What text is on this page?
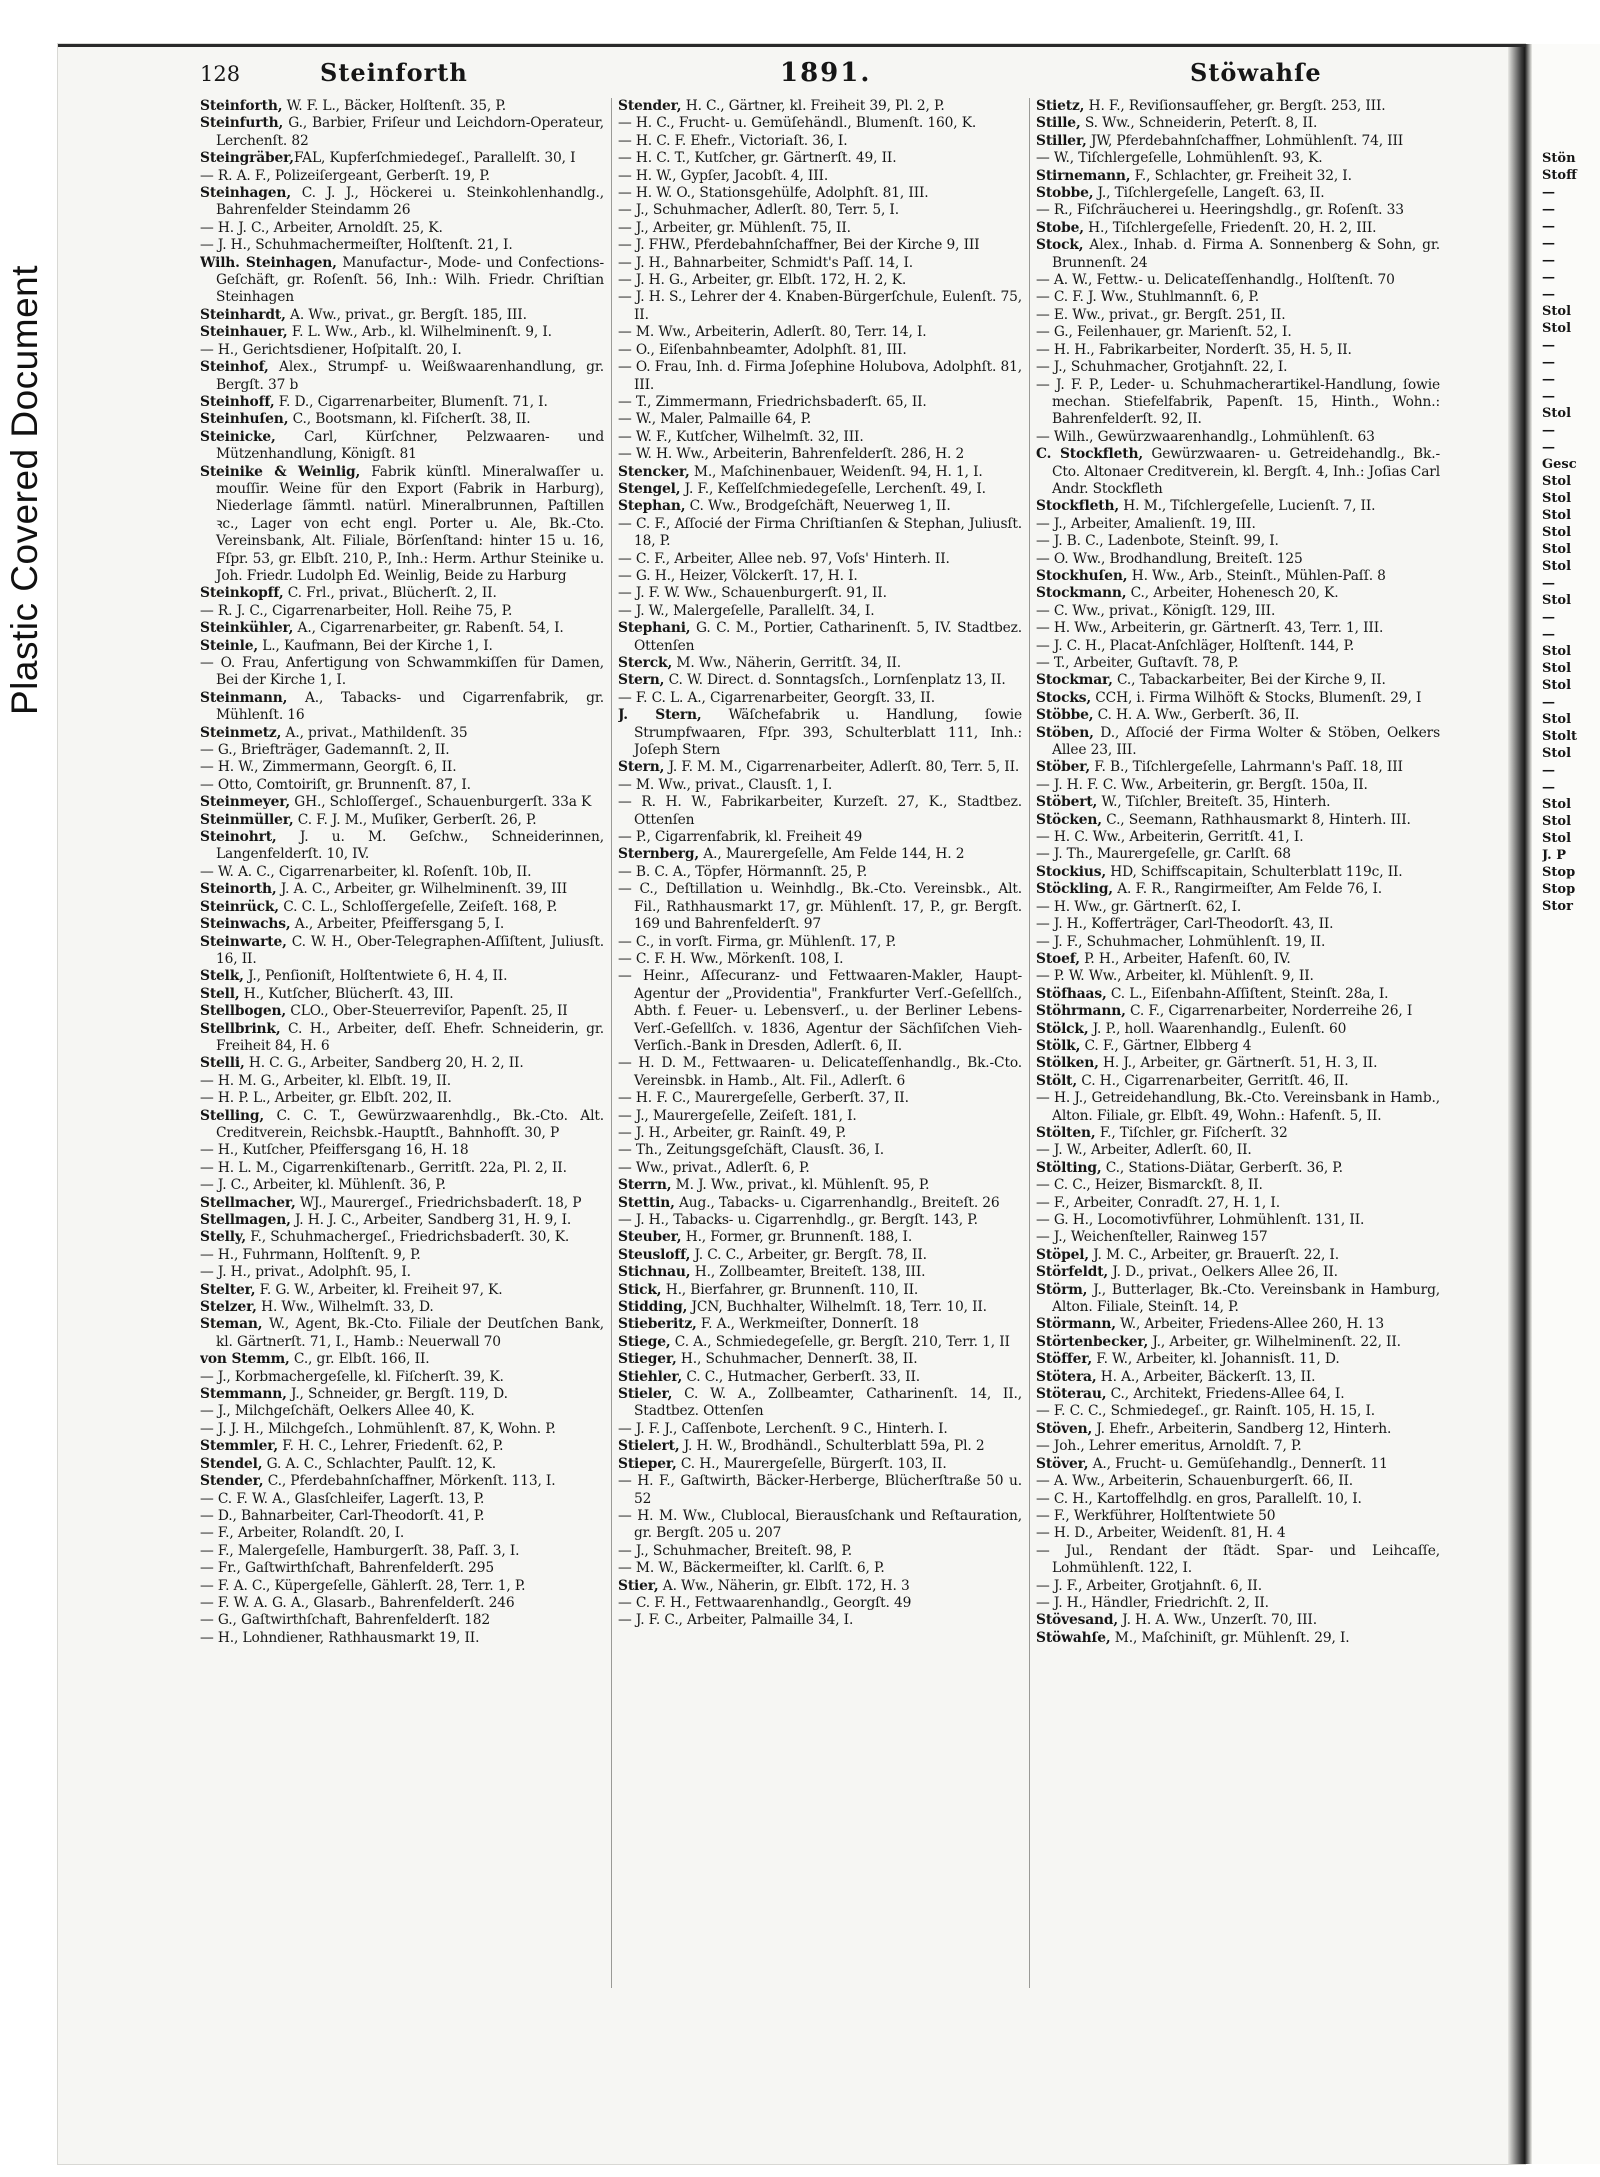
Plastic Covered Document
128	Steinforth	1891.	Stöwahſe
Steinforth, W. F. L., Bäcker, Holſtenſt. 35, P.
Steinfurth, G., Barbier, Friſeur und Leichdorn-Operateur, Lerchenſt. 82
Steingräber,FAL, Kupferſchmiedegeſ., Parallelſt. 30, I
— R. A. F., Polizeiſergeant, Gerberſt. 19, P.
Steinhagen, C. J. J., Höckerei u. Steinkohlenhandlg., Bahrenfelder Steindamm 26
— H. J. C., Arbeiter, Arnoldſt. 25, K.
— J. H., Schuhmachermeiſter, Holſtenſt. 21, I.
Wilh. Steinhagen, Manufactur-, Mode- und Confections-Geſchäft, gr. Roſenſt. 56, Inh.: Wilh. Friedr. Chriſtian Steinhagen
Steinhardt, A. Ww., privat., gr. Bergſt. 185, III.
Steinhauer, F. L. Ww., Arb., kl. Wilhelminenſt. 9, I.
— H., Gerichtsdiener, Hoſpitalſt. 20, I.
Steinhof, Alex., Strumpf- u. Weißwaarenhandlung, gr. Bergſt. 37 b
Steinhoff, F. D., Cigarrenarbeiter, Blumenſt. 71, I.
Steinhuſen, C., Bootsmann, kl. Fiſcherſt. 38, II.
Steinicke, Carl, Kürſchner, Pelzwaaren- und Mützenhandlung, Königſt. 81
Steinike & Weinlig, Fabrik künſtl. Mineralwaſſer u. mouſſir. Weine für den Export (Fabrik in Harburg), Niederlage ſämmtl. natürl. Mineralbrunnen, Paſtillen ꝛc., Lager von echt engl. Porter u. Ale, Bk.-Cto. Vereinsbank, Alt. Filiale, Börſenſtand: hinter 15 u. 16, Fſpr. 53, gr. Elbſt. 210, P., Inh.: Herm. Arthur Steinike u. Joh. Friedr. Ludolph Ed. Weinlig, Beide zu Harburg
Steinkopff, C. Frl., privat., Blücherſt. 2, II.
— R. J. C., Cigarrenarbeiter, Holl. Reihe 75, P.
Steinkühler, A., Cigarrenarbeiter, gr. Rabenſt. 54, I.
Steinle, L., Kaufmann, Bei der Kirche 1, I.
— O. Frau, Anfertigung von Schwammkiſſen für Damen, Bei der Kirche 1, I.
Steinmann, A., Tabacks- und Cigarrenfabrik, gr. Mühlenſt. 16
Steinmetz, A., privat., Mathildenſt. 35
— G., Briefträger, Gademannſt. 2, II.
— H. W., Zimmermann, Georgſt. 6, II.
— Otto, Comtoiriſt, gr. Brunnenſt. 87, I.
Steinmeyer, GH., Schloſſergeſ., Schauenburgerſt. 33a K
Steinmüller, C. F. J. M., Muſiker, Gerberſt. 26, P.
Steinohrt, J. u. M. Geſchw., Schneiderinnen, Langenfelderſt. 10, IV.
— W. A. C., Cigarrenarbeiter, kl. Roſenſt. 10b, II.
Steinorth, J. A. C., Arbeiter, gr. Wilhelminenſt. 39, III
Steinrück, C. C. L., Schloſſergeſelle, Zeiſeſt. 168, P.
Steinwachs, A., Arbeiter, Pfeiffersgang 5, I.
Steinwarte, C. W. H., Ober-Telegraphen-Aſſiſtent, Juliusſt. 16, II.
Stelk, J., Penſioniſt, Holſtentwiete 6, H. 4, II.
Stell, H., Kutſcher, Blücherſt. 43, III.
Stellbogen, CLO., Ober-Steuerreviſor, Papenſt. 25, II
Stellbrink, C. H., Arbeiter, deſſ. Ehefr. Schneiderin, gr. Freiheit 84, H. 6
Stelli, H. C. G., Arbeiter, Sandberg 20, H. 2, II.
— H. M. G., Arbeiter, kl. Elbſt. 19, II.
— H. P. L., Arbeiter, gr. Elbſt. 202, II.
Stelling, C. C. T., Gewürzwaarenhdlg., Bk.-Cto. Alt. Creditverein, Reichsbk.-Hauptſt., Bahnhofſt. 30, P
— H., Kutſcher, Pfeiffersgang 16, H. 18
— H. L. M., Cigarrenkiſtenarb., Gerritſt. 22a, Pl. 2, II.
— J. C., Arbeiter, kl. Mühlenſt. 36, P.
Stellmacher, WJ., Maurergeſ., Friedrichsbaderſt. 18, P
Stellmagen, J. H. J. C., Arbeiter, Sandberg 31, H. 9, I.
Stelly, F., Schuhmachergeſ., Friedrichsbaderſt. 30, K.
— H., Fuhrmann, Holſtenſt. 9, P.
— J. H., privat., Adolphſt. 95, I.
Stelter, F. G. W., Arbeiter, kl. Freiheit 97, K.
Stelzer, H. Ww., Wilhelmſt. 33, D.
Steman, W., Agent, Bk.-Cto. Filiale der Deutſchen Bank, kl. Gärtnerſt. 71, I., Hamb.: Neuerwall 70
von Stemm, C., gr. Elbſt. 166, II.
— J., Korbmachergeſelle, kl. Fiſcherſt. 39, K.
Stemmann, J., Schneider, gr. Bergſt. 119, D.
— J., Milchgeſchäft, Oelkers Allee 40, K.
— J. J. H., Milchgeſch., Lohmühlenſt. 87, K, Wohn. P.
Stemmler, F. H. C., Lehrer, Friedenſt. 62, P.
Stendel, G. A. C., Schlachter, Paulſt. 12, K.
Stender, C., Pferdebahnſchaffner, Mörkenſt. 113, I.
— C. F. W. A., Glasſchleifer, Lagerſt. 13, P.
— D., Bahnarbeiter, Carl-Theodorſt. 41, P.
— F., Arbeiter, Rolandſt. 20, I.
— F., Malergeſelle, Hamburgerſt. 38, Paſſ. 3, I.
— Fr., Gaſtwirthſchaft, Bahrenfelderſt. 295
— F. A. C., Küpergeſelle, Gählerſt. 28, Terr. 1, P.
— F. W. A. G. A., Glasarb., Bahrenfelderſt. 246
— G., Gaſtwirthſchaft, Bahrenfelderſt. 182
— H., Lohndiener, Rathhausmarkt 19, II.
Stender, H. C., Gärtner, kl. Freiheit 39, Pl. 2, P.
— H. C., Frucht- u. Gemüſehändl., Blumenſt. 160, K.
— H. C. F. Ehefr., Victoriaſt. 36, I.
— H. C. T., Kutſcher, gr. Gärtnerſt. 49, II.
— H. W., Gypſer, Jacobſt. 4, III.
— H. W. O., Stationsgehülfe, Adolphſt. 81, III.
— J., Schuhmacher, Adlerſt. 80, Terr. 5, I.
— J., Arbeiter, gr. Mühlenſt. 75, II.
— J. FHW., Pferdebahnſchaffner, Bei der Kirche 9, III
— J. H., Bahnarbeiter, Schmidt's Paſſ. 14, I.
— J. H. G., Arbeiter, gr. Elbſt. 172, H. 2, K.
— J. H. S., Lehrer der 4. Knaben-Bürgerſchule, Eulenſt. 75, II.
— M. Ww., Arbeiterin, Adlerſt. 80, Terr. 14, I.
— O., Eiſenbahnbeamter, Adolphſt. 81, III.
— O. Frau, Inh. d. Firma Joſephine Holubova, Adolphſt. 81, III.
— T., Zimmermann, Friedrichsbaderſt. 65, II.
— W., Maler, Palmaille 64, P.
— W. F., Kutſcher, Wilhelmſt. 32, III.
— W. H. Ww., Arbeiterin, Bahrenfelderſt. 286, H. 2
Stencker, M., Maſchinenbauer, Weidenſt. 94, H. 1, I.
Stengel, J. F., Keſſelſchmiedegeſelle, Lerchenſt. 49, I.
Stephan, C. Ww., Brodgeſchäft, Neuerweg 1, II.
— C. F., Aſſocié der Firma Chriſtianſen & Stephan, Juliusſt. 18, P.
— C. F., Arbeiter, Allee neb. 97, Voſs' Hinterh. II.
— G. H., Heizer, Völckerſt. 17, H. I.
— J. F. W. Ww., Schauenburgerſt. 91, II.
— J. W., Malergeſelle, Parallelſt. 34, I.
Stephani, G. C. M., Portier, Catharinenſt. 5, IV. Stadtbez. Ottenſen
Sterck, M. Ww., Näherin, Gerritſt. 34, II.
Stern, C. W. Direct. d. Sonntagsſch., Lornſenplatz 13, II.
— F. C. L. A., Cigarrenarbeiter, Georgſt. 33, II.
J. Stern, Wäſchefabrik u. Handlung, ſowie Strumpfwaaren, Fſpr. 393, Schulterblatt 111, Inh.: Joſeph Stern
Stern, J. F. M. M., Cigarrenarbeiter, Adlerſt. 80, Terr. 5, II.
— M. Ww., privat., Clausſt. 1, I.
— R. H. W., Fabrikarbeiter, Kurzeſt. 27, K., Stadtbez. Ottenſen
— P., Cigarrenfabrik, kl. Freiheit 49
Sternberg, A., Maurergeſelle, Am Felde 144, H. 2
— B. C. A., Töpfer, Hörmannſt. 25, P.
— C., Deſtillation u. Weinhdlg., Bk.-Cto. Vereinsbk., Alt. Fil., Rathhausmarkt 17, gr. Mühlenſt. 17, P., gr. Bergſt. 169 und Bahrenfelderſt. 97
— C., in vorſt. Firma, gr. Mühlenſt. 17, P.
— C. F. H. Ww., Mörkenſt. 108, I.
— Heinr., Aſſecuranz- und Fettwaaren-Makler, Haupt-Agentur der „Providentia", Frankfurter Verſ.-Geſellſch., Abth. f. Feuer- u. Lebensverſ., u. der Berliner Lebens-Verſ.-Geſellſch. v. 1836, Agentur der Sächſiſchen Vieh-Verſich.-Bank in Dresden, Adlerſt. 6, II.
— H. D. M., Fettwaaren- u. Delicateſſenhandlg., Bk.-Cto. Vereinsbk. in Hamb., Alt. Fil., Adlerſt. 6
— H. F. C., Maurergeſelle, Gerberſt. 37, II.
— J., Maurergeſelle, Zeiſeſt. 181, I.
— J. H., Arbeiter, gr. Rainſt. 49, P.
— Th., Zeitungsgeſchäft, Clausſt. 36, I.
— Ww., privat., Adlerſt. 6, P.
Sterrn, M. J. Ww., privat., kl. Mühlenſt. 95, P.
Stettin, Aug., Tabacks- u. Cigarrenhandlg., Breiteſt. 26
— J. H., Tabacks- u. Cigarrenhdlg., gr. Bergſt. 143, P.
Steuber, H., Former, gr. Brunnenſt. 188, I.
Steusloff, J. C. C., Arbeiter, gr. Bergſt. 78, II.
Stichnau, H., Zollbeamter, Breiteſt. 138, III.
Stick, H., Bierfahrer, gr. Brunnenſt. 110, II.
Stidding, JCN, Buchhalter, Wilhelmſt. 18, Terr. 10, II.
Stieberitz, F. A., Werkmeiſter, Donnerſt. 18
Stiege, C. A., Schmiedegeſelle, gr. Bergſt. 210, Terr. 1, II
Stieger, H., Schuhmacher, Dennerſt. 38, II.
Stiehler, C. C., Hutmacher, Gerberſt. 33, II.
Stieler, C. W. A., Zollbeamter, Catharinenſt. 14, II., Stadtbez. Ottenſen
— J. F. J., Caſſenbote, Lerchenſt. 9 C., Hinterh. I.
Stielert, J. H. W., Brodhändl., Schulterblatt 59a, Pl. 2
Stieper, C. H., Maurergeſelle, Bürgerſt. 103, II.
— H. F., Gaſtwirth, Bäcker-Herberge, Blücherſtraße 50 u. 52
— H. M. Ww., Clublocal, Bierausſchank und Reſtauration, gr. Bergſt. 205 u. 207
— J., Schuhmacher, Breiteſt. 98, P.
— M. W., Bäckermeiſter, kl. Carlſt. 6, P.
Stier, A. Ww., Näherin, gr. Elbſt. 172, H. 3
— C. F. H., Fettwaarenhandlg., Georgſt. 49
— J. F. C., Arbeiter, Palmaille 34, I.
Stietz, H. F., Reviſionsaufſeher, gr. Bergſt. 253, III.
Stille, S. Ww., Schneiderin, Peterſt. 8, II.
Stiller, JW, Pferdebahnſchaffner, Lohmühlenſt. 74, III
— W., Tiſchlergeſelle, Lohmühlenſt. 93, K.
Stirnemann, F., Schlachter, gr. Freiheit 32, I.
Stobbe, J., Tiſchlergeſelle, Langeſt. 63, II.
— R., Fiſchräucherei u. Heeringshdlg., gr. Roſenſt. 33
Stobe, H., Tiſchlergeſelle, Friedenſt. 20, H. 2, III.
Stock, Alex., Inhab. d. Firma A. Sonnenberg & Sohn, gr. Brunnenſt. 24
— A. W., Fettw.- u. Delicateſſenhandlg., Holſtenſt. 70
— C. F. J. Ww., Stuhlmannſt. 6, P.
— E. Ww., privat., gr. Bergſt. 251, II.
— G., Feilenhauer, gr. Marienſt. 52, I.
— H. H., Fabrikarbeiter, Norderſt. 35, H. 5, II.
— J., Schuhmacher, Grotjahnſt. 22, I.
— J. F. P., Leder- u. Schuhmacherartikel-Handlung, ſowie mechan. Stiefelfabrik, Papenſt. 15, Hinth., Wohn.: Bahrenfelderſt. 92, II.
— Wilh., Gewürzwaarenhandlg., Lohmühlenſt. 63
C. Stockfleth, Gewürzwaaren- u. Getreidehandlg., Bk.-Cto. Altonaer Creditverein, kl. Bergſt. 4, Inh.: Joſias Carl Andr. Stockfleth
Stockfleth, H. M., Tiſchlergeſelle, Lucienſt. 7, II.
— J., Arbeiter, Amalienſt. 19, III.
— J. B. C., Ladenbote, Steinſt. 99, I.
— O. Ww., Brodhandlung, Breiteſt. 125
Stockhuſen, H. Ww., Arb., Steinſt., Mühlen-Paſſ. 8
Stockmann, C., Arbeiter, Hohenesch 20, K.
— C. Ww., privat., Königſt. 129, III.
— H. Ww., Arbeiterin, gr. Gärtnerſt. 43, Terr. 1, III.
— J. C. H., Placat-Anſchläger, Holſtenſt. 144, P.
— T., Arbeiter, Guſtavſt. 78, P.
Stockmar, C., Tabackarbeiter, Bei der Kirche 9, II.
Stocks, CCH, i. Firma Wilhöft & Stocks, Blumenſt. 29, I
Stöbbe, C. H. A. Ww., Gerberſt. 36, II.
Stöben, D., Aſſocié der Firma Wolter & Stöben, Oelkers Allee 23, III.
Stöber, F. B., Tiſchlergeſelle, Lahrmann's Paſſ. 18, III
— J. H. F. C. Ww., Arbeiterin, gr. Bergſt. 150a, II.
Stöbert, W., Tiſchler, Breiteſt. 35, Hinterh.
Stöcken, C., Seemann, Rathhausmarkt 8, Hinterh. III.
— H. C. Ww., Arbeiterin, Gerritſt. 41, I.
— J. Th., Maurergeſelle, gr. Carlſt. 68
Stockius, HD, Schiffscapitain, Schulterblatt 119c, II.
Stöckling, A. F. R., Rangirmeiſter, Am Felde 76, I.
— H. Ww., gr. Gärtnerſt. 62, I.
— J. H., Kofferträger, Carl-Theodorſt. 43, II.
— J. F., Schuhmacher, Lohmühlenſt. 19, II.
Stoef, P. H., Arbeiter, Hafenſt. 60, IV.
— P. W. Ww., Arbeiter, kl. Mühlenſt. 9, II.
Stöfhaas, C. L., Eiſenbahn-Aſſiſtent, Steinſt. 28a, I.
Stöhrmann, C. F., Cigarrenarbeiter, Norderreihe 26, I
Stölck, J. P., holl. Waarenhandlg., Eulenſt. 60
Stölk, C. F., Gärtner, Elbberg 4
Stölken, H. J., Arbeiter, gr. Gärtnerſt. 51, H. 3, II.
Stölt, C. H., Cigarrenarbeiter, Gerritſt. 46, II.
— H. J., Getreidehandlung, Bk.-Cto. Vereinsbank in Hamb., Alton. Filiale, gr. Elbſt. 49, Wohn.: Hafenſt. 5, II.
Stölten, F., Tiſchler, gr. Fiſcherſt. 32
— J. W., Arbeiter, Adlerſt. 60, II.
Stölting, C., Stations-Diätar, Gerberſt. 36, P.
— C. C., Heizer, Bismarckſt. 8, II.
— F., Arbeiter, Conradſt. 27, H. 1, I.
— G. H., Locomotivführer, Lohmühlenſt. 131, II.
— J., Weichenſteller, Rainweg 157
Stöpel, J. M. C., Arbeiter, gr. Brauerſt. 22, I.
Störfeldt, J. D., privat., Oelkers Allee 26, II.
Störm, J., Butterlager, Bk.-Cto. Vereinsbank in Hamburg, Alton. Filiale, Steinſt. 14, P.
Störmann, W., Arbeiter, Friedens-Allee 260, H. 13
Störtenbecker, J., Arbeiter, gr. Wilhelminenſt. 22, II.
Stöffer, F. W., Arbeiter, kl. Johannisſt. 11, D.
Stötera, H. A., Arbeiter, Bäckerſt. 13, II.
Stöterau, C., Architekt, Friedens-Allee 64, I.
— F. C. C., Schmiedegeſ., gr. Rainſt. 105, H. 15, I.
Stöven, J. Ehefr., Arbeiterin, Sandberg 12, Hinterh.
— Joh., Lehrer emeritus, Arnoldſt. 7, P.
Stöver, A., Frucht- u. Gemüſehandlg., Dennerſt. 11
— A. Ww., Arbeiterin, Schauenburgerſt. 66, II.
— C. H., Kartoffelhdlg. en gros, Parallelſt. 10, I.
— F., Werkführer, Holſtentwiete 50
— H. D., Arbeiter, Weidenſt. 81, H. 4
— Jul., Rendant der ſtädt. Spar- und Leihcaſſe, Lohmühlenſt. 122, I.
— J. F., Arbeiter, Grotjahnſt. 6, II.
— J. H., Händler, Friedrichſt. 2, II.
Stövesand, J. H. A. Ww., Unzerſt. 70, III.
Stöwahſe, M., Maſchiniſt, gr. Mühlenſt. 29, I.
Stön
Stoff
—
—
—
—
—
—
—
Stol
Stol
—
—
—
—
Stol
—
—
Gesc
Stol
Stol
Stol
Stol
Stol
Stol
—
Stol
—
—
Stol
Stol
Stol
—
Stol
Stolt
Stol
—
—
Stol
Stol
Stol
J. P
Stop
Stop
Stor
